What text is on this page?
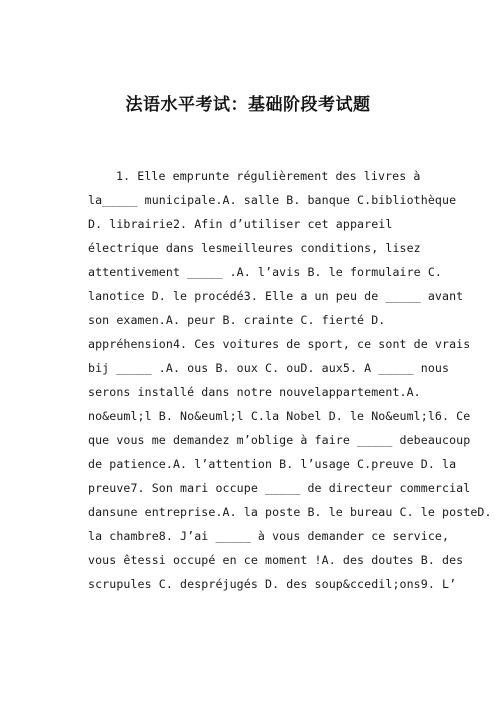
法语水平考试：基础阶段考试题
1. Elle emprunte régulièrement des livres à
la_____ municipale.A. salle B. banque C.bibliothèque
D. librairie2. Afin d’utiliser cet appareil
électrique dans lesmeilleures conditions, lisez
attentivement _____ .A. l’avis B. le formulaire C.
lanotice D. le procédé3. Elle a un peu de _____ avant
son examen.A. peur B. crainte C. fierté D.
appréhension4. Ces voitures de sport, ce sont de vrais
bij _____ .A. ous B. oux C. ouD. aux5. A _____ nous
serons installé dans notre nouvelappartement.A.
no&euml;l B. No&euml;l C.la Nobel D. le No&euml;l6. Ce
que vous me demandez m’oblige à faire _____ debeaucoup
de patience.A. l’attention B. l’usage C.preuve D. la
preuve7. Son mari occupe _____ de directeur commercial
dansune entreprise.A. la poste B. le bureau C. le posteD.
la chambre8. J’ai _____ à vous demander ce service,
vous êtessi occupé en ce moment !A. des doutes B. des
scrupules C. despréjugés D. des soup&ccedil;ons9. L’
